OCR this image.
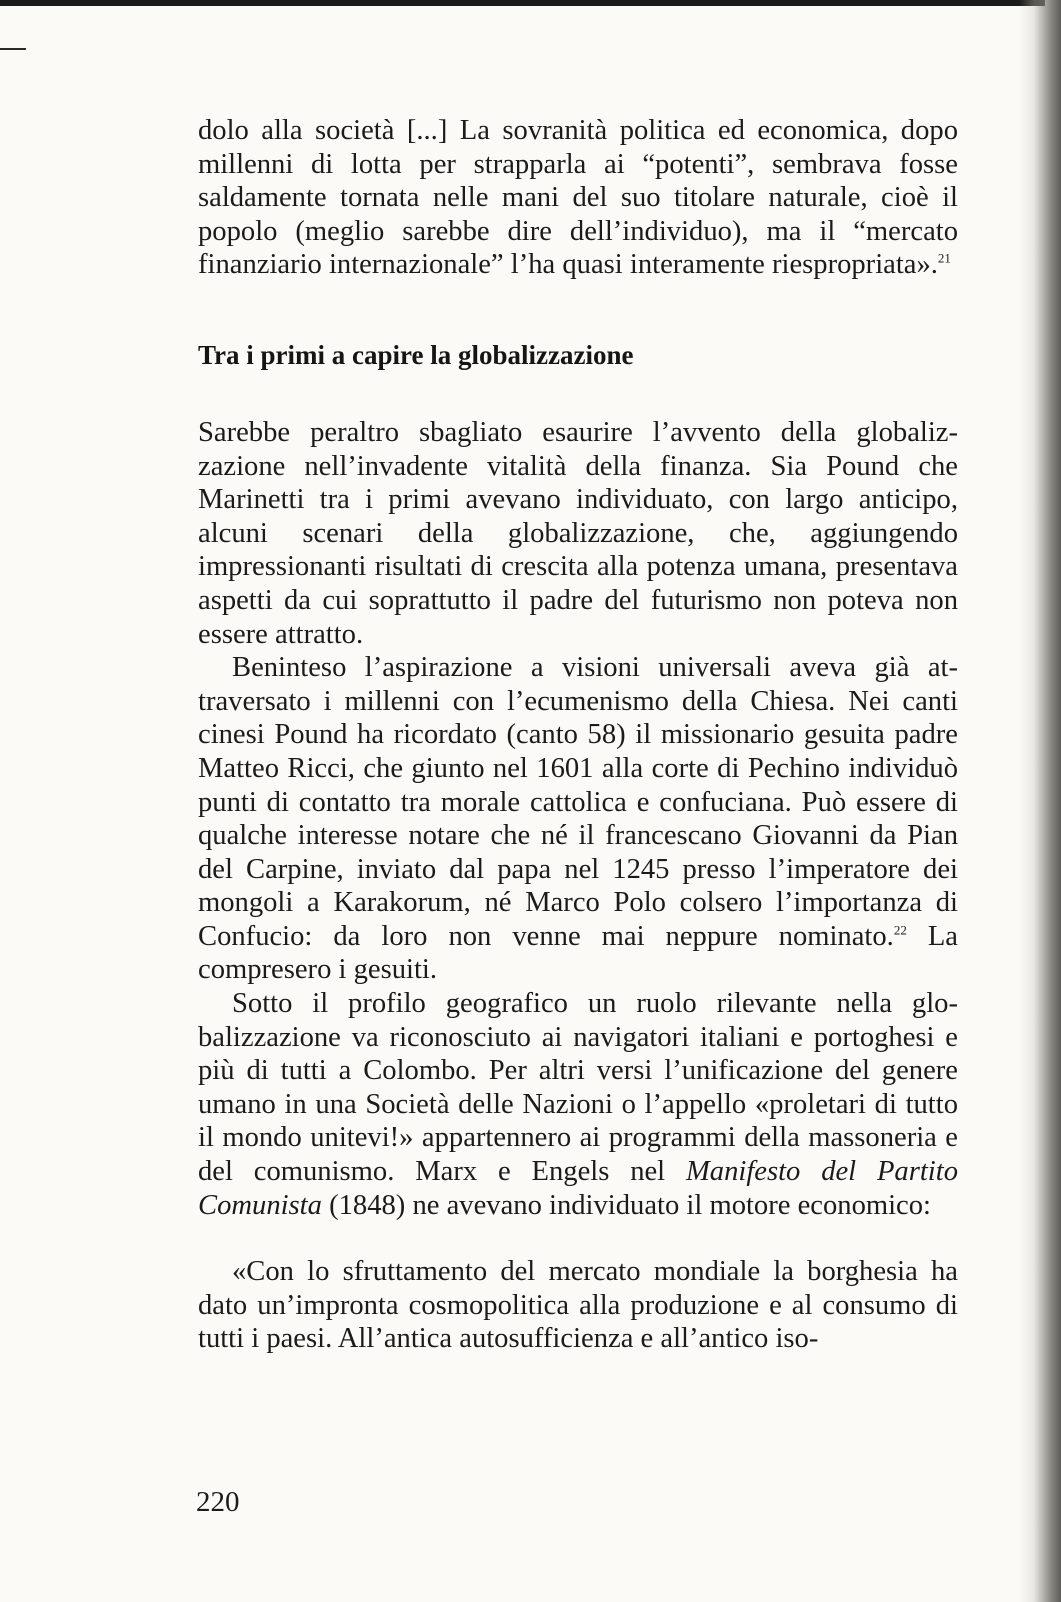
dolo alla società [...] La sovranità politica ed economica, dopo millenni di lotta per strapparla ai “potenti”, sembrava fosse saldamente tornata nelle mani del suo titolare naturale, cioè il popolo (meglio sarebbe dire dell’individuo), ma il “mercato finanziario internazionale” l’ha quasi interamente riespropriata».$^{21}$

Tra i primi a capire la globalizzazione

Sarebbe peraltro sbagliato esaurire l’avvento della globalizzazione nell’invadente vitalità della finanza. Sia Pound che Marinetti tra i primi avevano individuato, con largo anticipo, alcuni scenari della globalizzazione, che, aggiungendo impressionanti risultati di crescita alla potenza umana, presentava aspetti da cui soprattutto il padre del futurismo non poteva non essere attratto.

Beninteso l’aspirazione a visioni universali aveva già attraversato i millenni con l’ecumenismo della Chiesa. Nei canti cinesi Pound ha ricordato (canto 58) il missionario gesuita padre Matteo Ricci, che giunto nel 1601 alla corte di Pechino individuò punti di contatto tra morale cattolica e confuciana. Può essere di qualche interesse notare che né il francescano Giovanni da Pian del Carpine, inviato dal papa nel 1245 presso l’imperatore dei mongoli a Karakorum, né Marco Polo colsero l’importanza di Confucio: da loro non venne mai neppure nominato.$^{22}$ La compresero i gesuiti.

Sotto il profilo geografico un ruolo rilevante nella globalizzazione va riconosciuto ai navigatori italiani e portoghesi e più di tutti a Colombo. Per altri versi l’unificazione del genere umano in una Società delle Nazioni o l’appello «proletari di tutto il mondo unitevi!» appartennero ai programmi della massoneria e del comunismo. Marx e Engels nel Manifesto del Partito Comunista (1848) ne avevano individuato il motore economico:

«Con lo sfruttamento del mercato mondiale la borghesia ha dato un’impronta cosmopolitica alla produzione e al consumo di tutti i paesi. All’antica autosufficienza e all’antico iso-

220
